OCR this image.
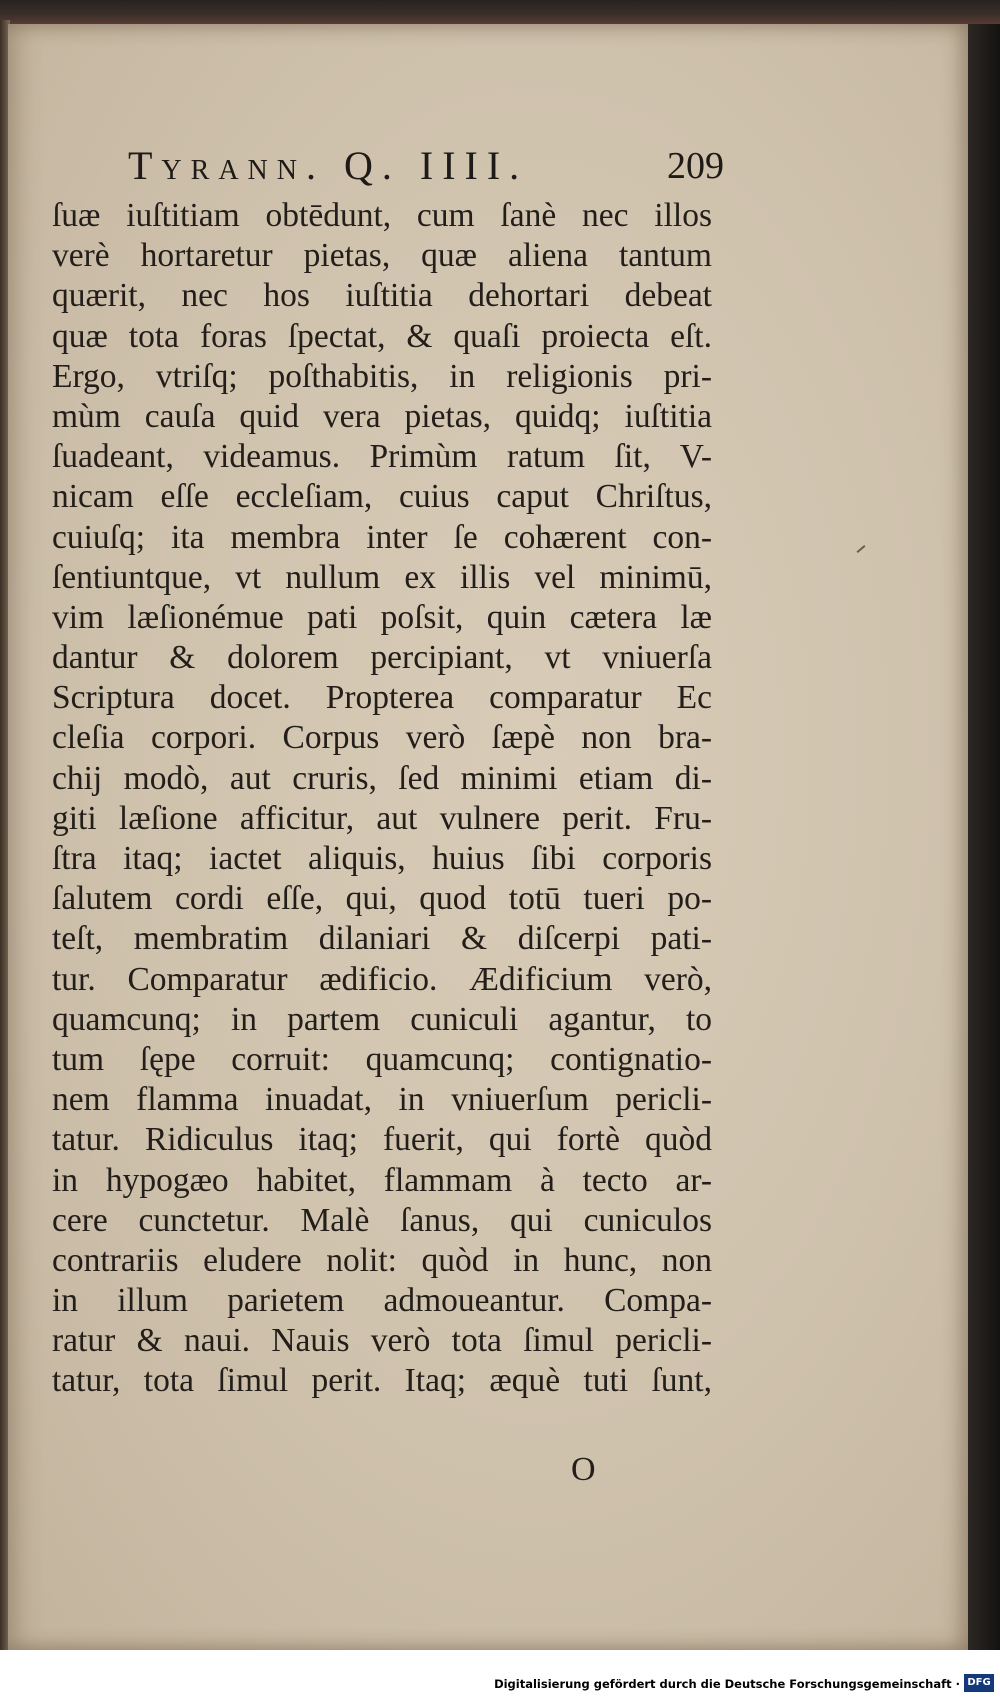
Tyrann. Q. IIII.	209
ſuæ iuſtitiam obtēdunt, cum ſanè nec illos
verè hortaretur pietas, quæ aliena tantum
quærit, nec hos iuſtitia dehortari debeat
quæ tota foras ſpectat, & quaſi proiecta eſt.
Ergo, vtriſq; poſthabitis, in religionis pri-
mùm cauſa quid vera pietas, quidq; iuſtitia
ſuadeant, videamus. Primùm ratum ſit, V-
nicam eſſe eccleſiam, cuius caput Chriſtus,
cuiuſq; ita membra inter ſe cohærent con-
ſentiuntque, vt nullum ex illis vel minimū,
vim læſionémue pati poſsit, quin cætera læ
dantur & dolorem percipiant, vt vniuerſa
Scriptura docet. Propterea comparatur Ec
cleſia corpori. Corpus verò ſæpè non bra-
chij modò, aut cruris, ſed minimi etiam di-
giti læſione afficitur, aut vulnere perit. Fru-
ſtra itaq; iactet aliquis, huius ſibi corporis
ſalutem cordi eſſe, qui, quod totū tueri po-
teſt, membratim dilaniari & diſcerpi pati-
tur. Comparatur ædificio. Ædificium verò,
quamcunq; in partem cuniculi agantur, to
tum ſępe corruit: quamcunq; contignatio-
nem flamma inuadat, in vniuerſum pericli-
tatur. Ridiculus itaq; fuerit, qui fortè quòd
in hypogæo habitet, flammam à tecto ar-
cere cunctetur. Malè ſanus, qui cuniculos
contrariis eludere nolit: quòd in hunc, non
in illum parietem admoueantur. Compa-
ratur & naui. Nauis verò tota ſimul pericli-
tatur, tota ſimul perit. Itaq; æquè tuti ſunt,
O
Digitalisierung gefördert durch die Deutsche Forschungsgemeinschaft · DFG
